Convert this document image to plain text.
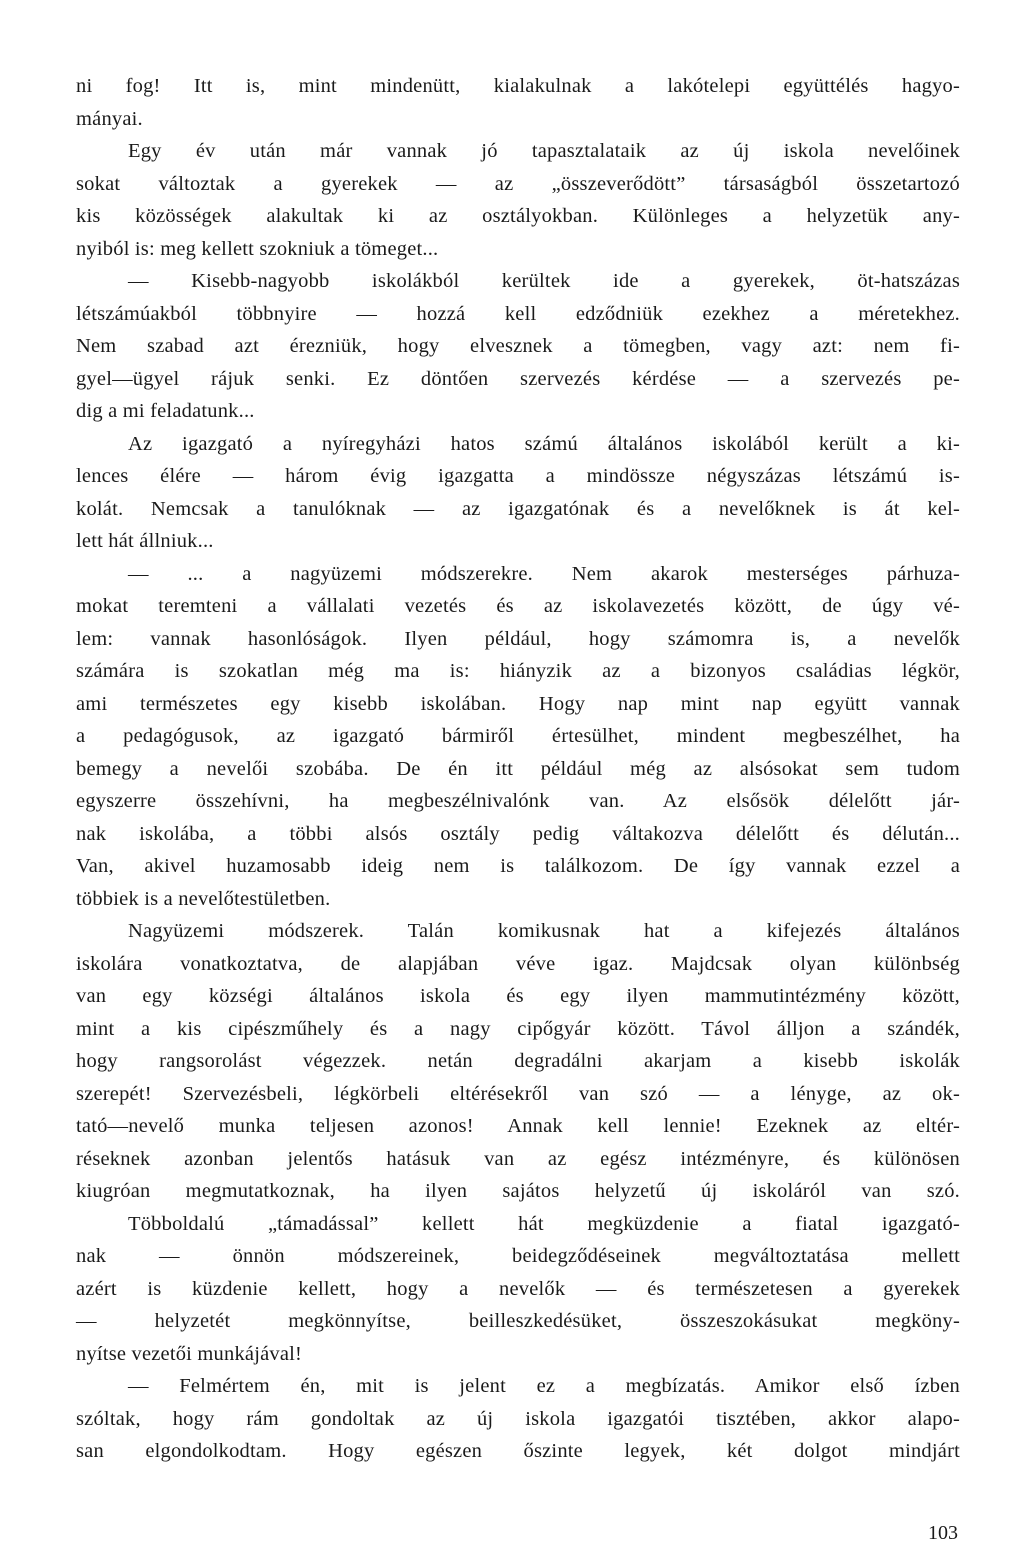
ni fog! Itt is, mint mindenütt, kialakulnak a lakótelepi együttélés hagyo-
mányai.
Egy év után már vannak jó tapasztalataik az új iskola nevelőinek
sokat változtak a gyerekek — az „összeverődött” társaságból összetartozó
kis közösségek alakultak ki az osztályokban. Különleges a helyzetük any-
nyiból is: meg kellett szokniuk a tömeget...
— Kisebb-nagyobb iskolákból kerültek ide a gyerekek, öt-hatszázas
létszámúakból többnyire — hozzá kell edződniük ezekhez a méretekhez.
Nem szabad azt érezniük, hogy elvesznek a tömegben, vagy azt: nem fi-
gyel—ügyel rájuk senki. Ez döntően szervezés kérdése — a szervezés pe-
dig a mi feladatunk...
Az igazgató a nyíregyházi hatos számú általános iskolából került a ki-
lences élére — három évig igazgatta a mindössze négyszázas létszámú is-
kolát. Nemcsak a tanulóknak — az igazgatónak és a nevelőknek is át kel-
lett hát állniuk...
— ... a nagyüzemi módszerekre. Nem akarok mesterséges párhuza-
mokat teremteni a vállalati vezetés és az iskolavezetés között, de úgy vé-
lem: vannak hasonlóságok. Ilyen például, hogy számomra is, a nevelők
számára is szokatlan még ma is: hiányzik az a bizonyos családias légkör,
ami természetes egy kisebb iskolában. Hogy nap mint nap együtt vannak
a pedagógusok, az igazgató bármiről értesülhet, mindent megbeszélhet, ha
bemegy a nevelői szobába. De én itt például még az alsósokat sem tudom
egyszerre összehívni, ha megbeszélnivalónk van. Az elsősök délelőtt jár-
nak iskolába, a többi alsós osztály pedig váltakozva délelőtt és délután...
Van, akivel huzamosabb ideig nem is találkozom. De így vannak ezzel a
többiek is a nevelőtestületben.
Nagyüzemi módszerek. Talán komikusnak hat a kifejezés általános
iskolára vonatkoztatva, de alapjában véve igaz. Majdcsak olyan különbség
van egy községi általános iskola és egy ilyen mammutintézmény között,
mint a kis cipészműhely és a nagy cipőgyár között. Távol álljon a szándék,
hogy rangsorolást végezzek. netán degradálni akarjam a kisebb iskolák
szerepét! Szervezésbeli, légkörbeli eltérésekről van szó — a lényge, az ok-
tató—nevelő munka teljesen azonos! Annak kell lennie! Ezeknek az eltér-
réseknek azonban jelentős hatásuk van az egész intézményre, és különösen
kiugróan megmutatkoznak, ha ilyen sajátos helyzetű új iskoláról van szó.
Többoldalú „támadással” kellett hát megküzdenie a fiatal igazgató-
nak — önnön módszereinek, beidegződéseinek megváltoztatása mellett
azért is küzdenie kellett, hogy a nevelők — és természetesen a gyerekek
— helyzetét megkönnyítse, beilleszkedésüket, összeszokásukat megköny-
nyítse vezetői munkájával!
— Felmértem én, mit is jelent ez a megbízatás. Amikor első ízben
szóltak, hogy rám gondoltak az új iskola igazgatói tisztében, akkor alapo-
san elgondolkodtam. Hogy egészen őszinte legyek, két dolgot mindjárt
103
